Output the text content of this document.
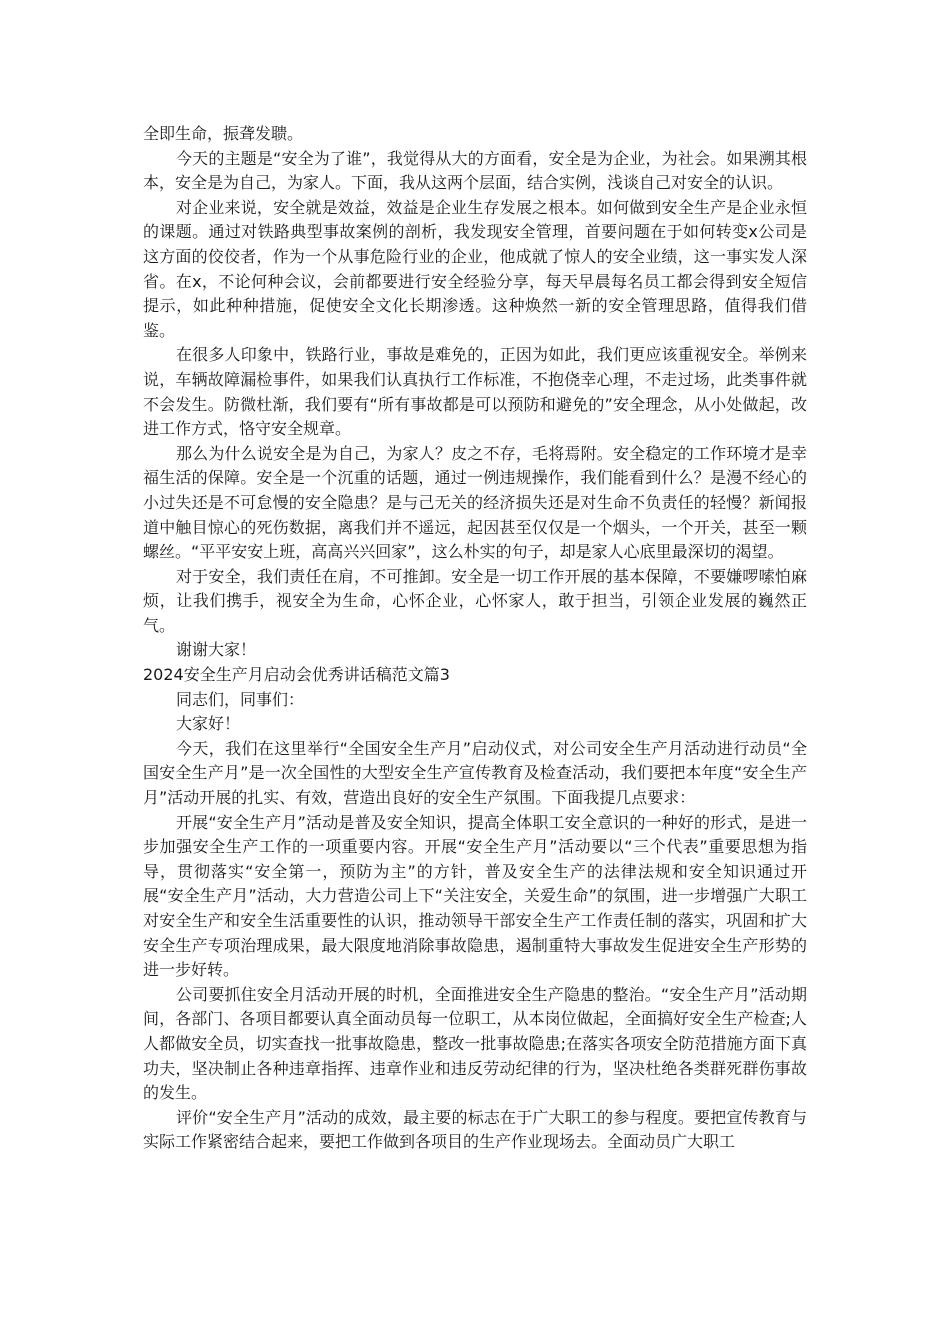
全即生命，振聋发聩。

今天的主题是“安全为了谁”，我觉得从大的方面看，安全是为企业，为社会。如果溯其根本，安全是为自己，为家人。下面，我从这两个层面，结合实例，浅谈自己对安全的认识。

对企业来说，安全就是效益，效益是企业生存发展之根本。如何做到安全生产是企业永恒的课题。通过对铁路典型事故案例的剖析，我发现安全管理，首要问题在于如何转变x公司是这方面的佼佼者，作为一个从事危险行业的企业，他成就了惊人的安全业绩，这一事实发人深省。在x，不论何种会议，会前都要进行安全经验分享，每天早晨每名员工都会得到安全短信提示，如此种种措施，促使安全文化长期渗透。这种焕然一新的安全管理思路，值得我们借鉴。

在很多人印象中，铁路行业，事故是难免的，正因为如此，我们更应该重视安全。举例来说，车辆故障漏检事件，如果我们认真执行工作标准，不抱侥幸心理，不走过场，此类事件就不会发生。防微杜渐，我们要有“所有事故都是可以预防和避免的”安全理念，从小处做起，改进工作方式，恪守安全规章。

那么为什么说安全是为自己，为家人？皮之不存，毛将焉附。安全稳定的工作环境才是幸福生活的保障。安全是一个沉重的话题，通过一例违规操作，我们能看到什么？是漫不经心的小过失还是不可怠慢的安全隐患？是与己无关的经济损失还是对生命不负责任的轻慢？新闻报道中触目惊心的死伤数据，离我们并不遥远，起因甚至仅仅是一个烟头，一个开关，甚至一颗螺丝。“平平安安上班，高高兴兴回家”，这么朴实的句子，却是家人心底里最深切的渴望。

对于安全，我们责任在肩，不可推卸。安全是一切工作开展的基本保障，不要嫌啰嗦怕麻烦，让我们携手，视安全为生命，心怀企业，心怀家人，敢于担当，引领企业发展的巍然正气。

谢谢大家！

2024安全生产月启动会优秀讲话稿范文篇3

同志们，同事们：

大家好！

今天，我们在这里举行“全国安全生产月”启动仪式，对公司安全生产月活动进行动员“全国安全生产月”是一次全国性的大型安全生产宣传教育及检查活动，我们要把本年度“安全生产月”活动开展的扎实、有效，营造出良好的安全生产氛围。下面我提几点要求：

开展“安全生产月”活动是普及安全知识，提高全体职工安全意识的一种好的形式，是进一步加强安全生产工作的一项重要内容。开展“安全生产月”活动要以“三个代表”重要思想为指导，贯彻落实“安全第一，预防为主”的方针，普及安全生产的法律法规和安全知识通过开展“安全生产月”活动，大力营造公司上下“关注安全，关爱生命”的氛围，进一步增强广大职工对安全生产和安全生活重要性的认识，推动领导干部安全生产工作责任制的落实，巩固和扩大安全生产专项治理成果，最大限度地消除事故隐患，遏制重特大事故发生促进安全生产形势的进一步好转。

公司要抓住安全月活动开展的时机，全面推进安全生产隐患的整治。“安全生产月”活动期间，各部门、各项目都要认真全面动员每一位职工，从本岗位做起，全面搞好安全生产检查;人人都做安全员，切实查找一批事故隐患，整改一批事故隐患;在落实各项安全防范措施方面下真功夫，坚决制止各种违章指挥、违章作业和违反劳动纪律的行为，坚决杜绝各类群死群伤事故的发生。

评价“安全生产月”活动的成效，最主要的标志在于广大职工的参与程度。要把宣传教育与实际工作紧密结合起来，要把工作做到各项目的生产作业现场去。全面动员广大职工
